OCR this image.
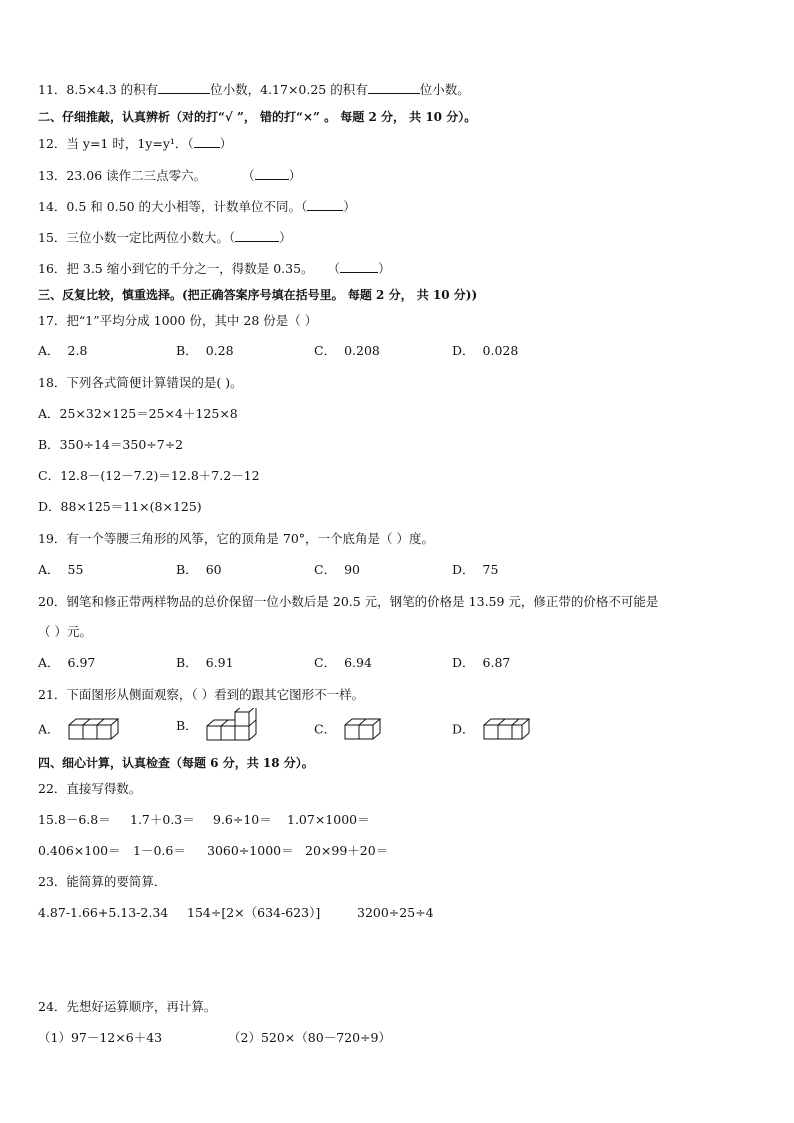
11．8.5×4.3 的积有	位小数，4.17×0.25 的积有	位小数。
二、仔细推敲，认真辨析（对的打“√ ”， 错的打“×” 。 每题 2 分， 共 10 分）。
12．当 y=1 时，1y=y¹．（ ）
13．23.06 读作二三点零六。	（	）
14．0.5 和 0.50 的大小相等，计数单位不同。（	）
15．三位小数一定比两位小数大。（	）
16．把 3.5 缩小到它的千分之一，得数是 0.35。 （	）
三、反复比较，慎重选择。(把正确答案序号填在括号里。 每题 2 分， 共 10 分))
17．把“1”平均分成 1000 份，其中 28 份是（ ）
A． 2.8	B． 0.28	C． 0.208	D． 0.028
18．下列各式简便计算错误的是( )。
A．25×32×125＝25×4＋125×8
B．350÷14＝350÷7÷2
C．12.8－(12－7.2)＝12.8＋7.2－12
D．88×125＝11×(8×125)
19．有一个等腰三角形的风筝，它的顶角是 70°，一个底角是（ ）度。
A． 55	B． 60	C． 90	D． 75
20．钢笔和修正带两样物品的总价保留一位小数后是 20.5 元，钢笔的价格是 13.59 元，修正带的价格不可能是
（ ）元。
A． 6.97	B． 6.91	C． 6.94	D． 6.87
21．下面图形从侧面观察，（ ）看到的跟其它图形不一样。
A．	B．	C．	D．
四、细心计算，认真检查（每题 6 分，共 18 分）。
22．直接写得数。
15.8－6.8＝ 1.7＋0.3＝ 9.6÷10＝ 1.07×1000＝
0.406×100＝ 1－0.6＝ 3060÷1000＝ 20×99＋20＝
23．能简算的要简算．
4.87-1.66+5.13-2.34 154÷[2×（634-623）]	3200÷25÷4
24．先想好运算顺序，再计算。
（1）97－12×6＋43	（2）520×（80－720÷9）
